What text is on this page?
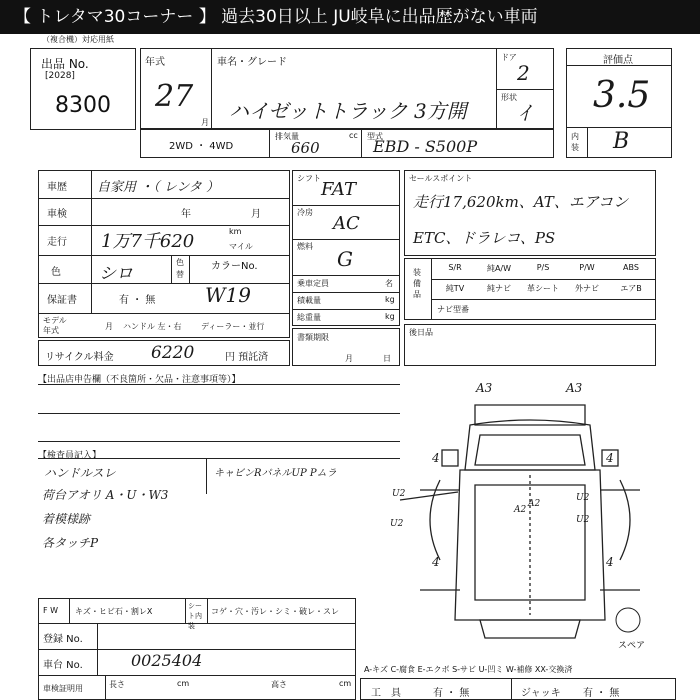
【 トレタマ30コーナー 】 過去30日以上 JU岐阜に出品歴がない車両
（複合機）対応用紙
出品 No.
[2028]
8300
年式
27
月
車名・グレード
ハイゼットトラック 3方開
ドア
2
形状
ｲ
評価点
3.5
内装 B
2WD ・ 4WD
排気量	cc
660
型式
EBD - S500P
車歴 自家用 ・（ レンタ ）
車検	年	月
走行 1万7千620	km
マイル
色 シロ
色替
カラーNo.
保証書	有 ・ 無 W19
モデル年式	月 ハンドル 左・右 ディーラー・並行
リサイクル料金 6220	円 預託済
シフト
FAT
冷房
AC
燃料
G
乗車定員	名
積載量	kg
総重量	kg
書類期限
月	日
セールスポイント
走行17,620km、AT、エアコン
ETC、ドラレコ、PS
装備品
S/R	純A/W	P/S	P/W	ABS
純TV	純ナビ	革シート	外ナビ	エアB
ナビ型番
後日品
【出品店申告欄（不良箇所・欠品・注意事項等）】
【検査員記入】
ハンドルスレ
荷台アオリ A・U・W3
着模様跡
各タッチP
キャビンRパネルUP Pムラ
A3	A3
4	4
4	4
U2
U2
U2
A2
A2
U2
スペア
F W キズ・ヒビ石・割レX
シート内装
コゲ・穴・汚レ・シミ・破レ・スレ
登録 No.
車台 No.	0025404
車検証明用	長さ	cm	高さ	cm
A-キズ C-腐食 E-エクボ S-サビ U-凹ミ W-補修 XX-交換済
工　具	有 ・ 無	ジャッキ 有 ・ 無
